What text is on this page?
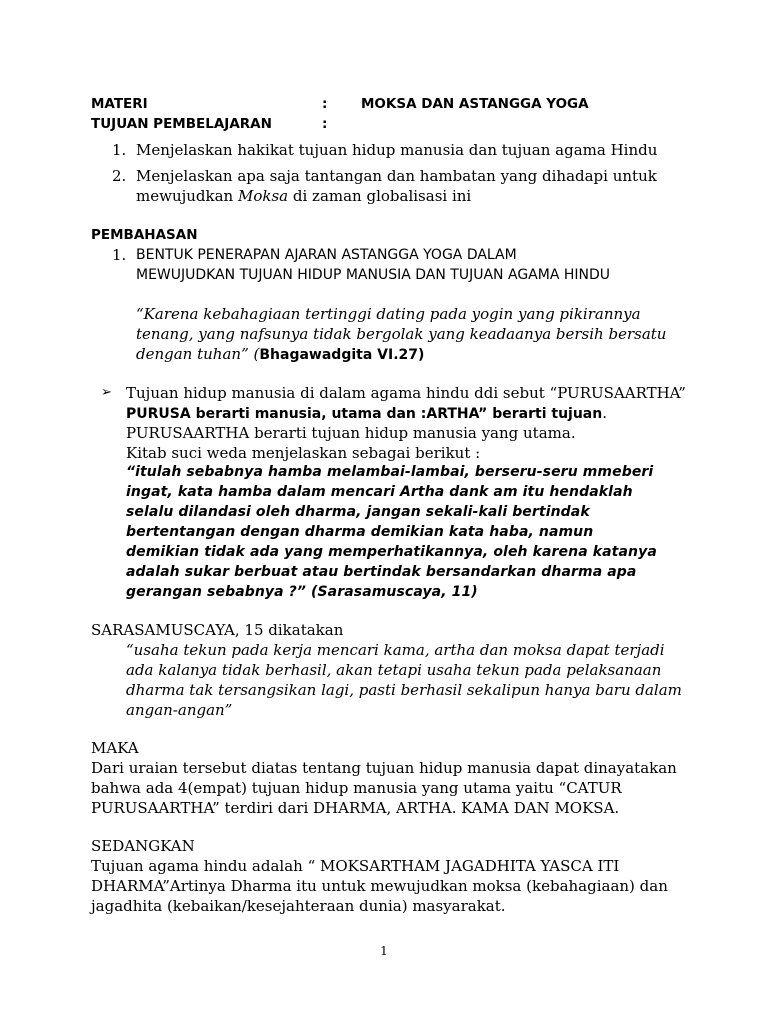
MATERI	: MOKSA DAN ASTANGGA YOGA
TUJUAN PEMBELAJARAN	:
1. Menjelaskan hakikat tujuan hidup manusia dan tujuan agama Hindu
2. Menjelaskan apa saja tantangan dan hambatan yang dihadapi untuk
mewujudkan Moksa di zaman globalisasi ini
PEMBAHASAN
1. BENTUK PENERAPAN AJARAN ASTANGGA YOGA DALAM
MEWUJUDKAN TUJUAN HIDUP MANUSIA DAN TUJUAN AGAMA HINDU
“Karena kebahagiaan tertinggi dating pada yogin yang pikirannya
tenang, yang nafsunya tidak bergolak yang keadaanya bersih bersatu
dengan tuhan” (Bhagawadgita VI.27)
➢ Tujuan hidup manusia di dalam agama hindu ddi sebut “PURUSAARTHA”
PURUSA berarti manusia, utama dan :ARTHA” berarti tujuan.
PURUSAARTHA berarti tujuan hidup manusia yang utama.
Kitab suci weda menjelaskan sebagai berikut :
“itulah sebabnya hamba melambai-lambai, berseru-seru mmeberi
ingat, kata hamba dalam mencari Artha dank am itu hendaklah
selalu dilandasi oleh dharma, jangan sekali-kali bertindak
bertentangan dengan dharma demikian kata haba, namun
demikian tidak ada yang memperhatikannya, oleh karena katanya
adalah sukar berbuat atau bertindak bersandarkan dharma apa
gerangan sebabnya ?” (Sarasamuscaya, 11)
SARASAMUSCAYA, 15 dikatakan
“usaha tekun pada kerja mencari kama, artha dan moksa dapat terjadi
ada kalanya tidak berhasil, akan tetapi usaha tekun pada pelaksanaan
dharma tak tersangsikan lagi, pasti berhasil sekalipun hanya baru dalam
angan-angan”
MAKA
Dari uraian tersebut diatas tentang tujuan hidup manusia dapat dinayatakan
bahwa ada 4(empat) tujuan hidup manusia yang utama yaitu “CATUR
PURUSAARTHA” terdiri dari DHARMA, ARTHA. KAMA DAN MOKSA.
SEDANGKAN
Tujuan agama hindu adalah “ MOKSARTHAM JAGADHITA YASCA ITI
DHARMA”Artinya Dharma itu untuk mewujudkan moksa (kebahagiaan) dan
jagadhita (kebaikan/kesejahteraan dunia) masyarakat.
1
